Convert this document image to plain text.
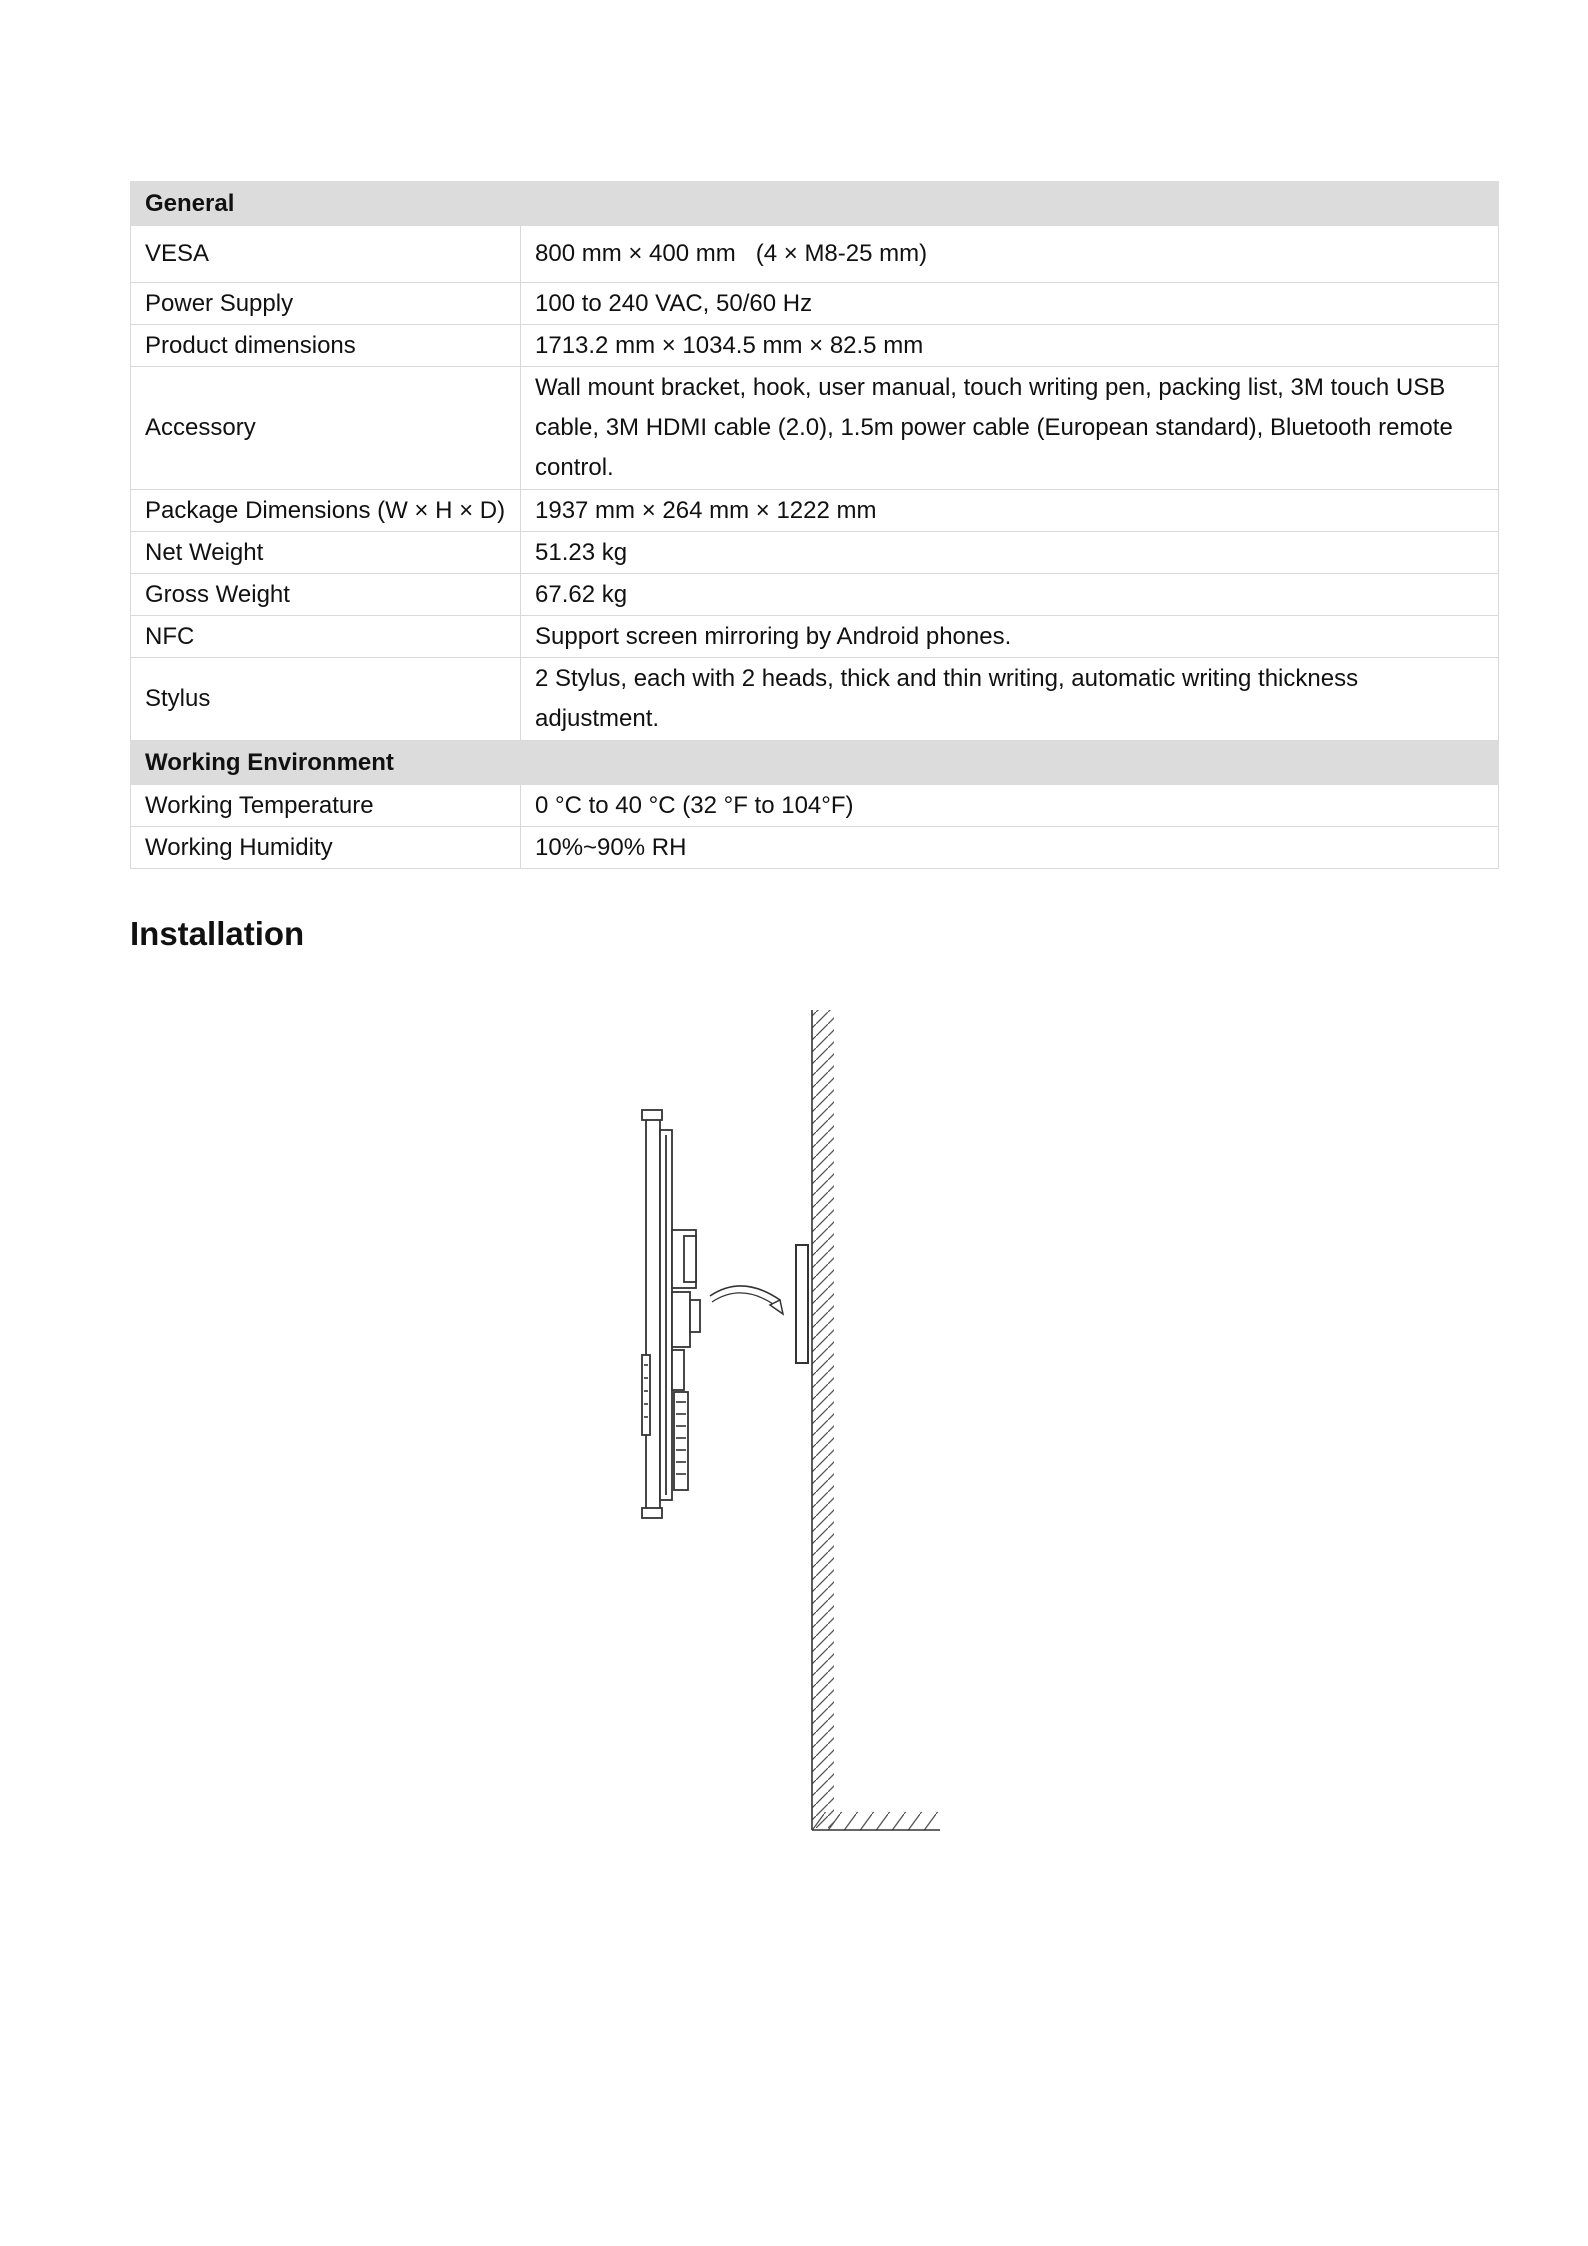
General	
VESA	800 mm × 400 mm   (4 × M8-25 mm)
Power Supply	100 to 240 VAC, 50/60 Hz
Product dimensions	1713.2 mm × 1034.5 mm × 82.5 mm
Accessory	Wall mount bracket, hook, user manual, touch writing pen, packing list, 3M touch USB cable, 3M HDMI cable (2.0), 1.5m power cable (European standard), Bluetooth remote control.
Package Dimensions (W × H × D)	1937 mm × 264 mm × 1222 mm
Net Weight	51.23 kg
Gross Weight	67.62 kg
NFC	Support screen mirroring by Android phones.
Stylus	2 Stylus, each with 2 heads, thick and thin writing, automatic writing thickness adjustment.
Working Environment	
Working Temperature	0 °C to 40 °C (32 °F to 104°F)
Working Humidity	10%~90% RH
Installation
